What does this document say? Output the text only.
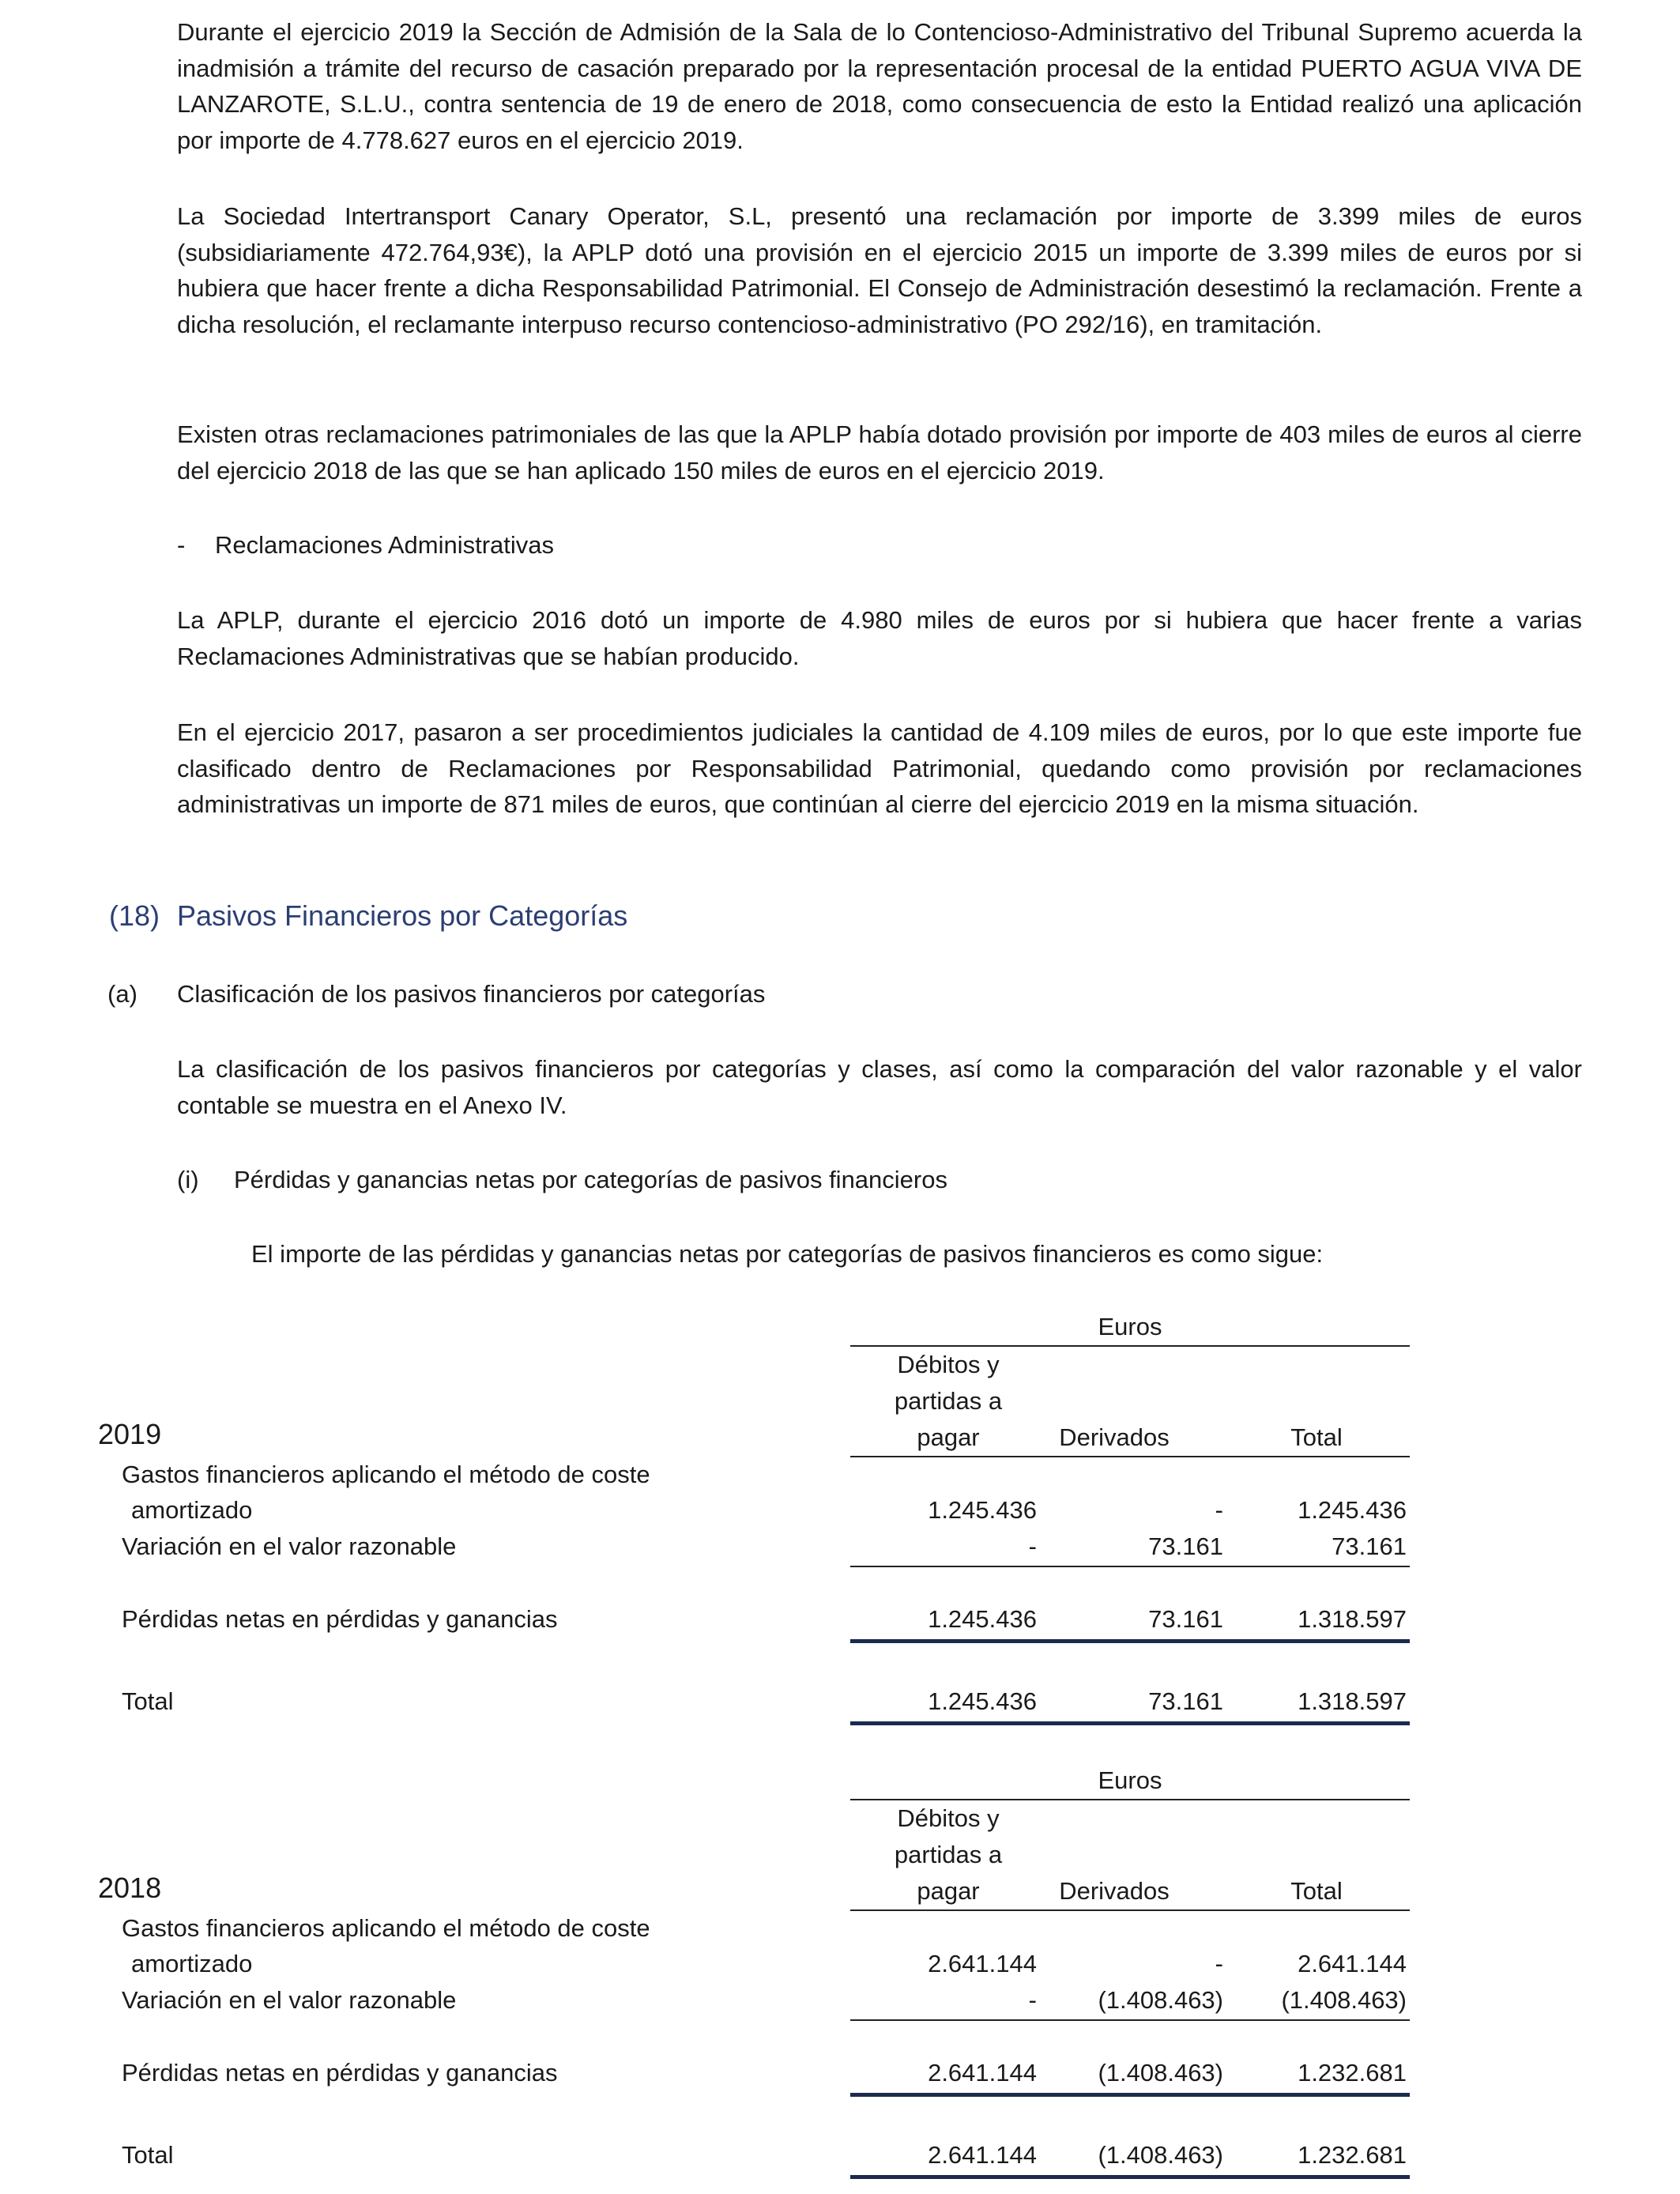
Durante el ejercicio 2019 la Sección de Admisión de la Sala de lo Contencioso-Administrativo del Tribunal Supremo acuerda la inadmisión a trámite del recurso de casación preparado por la representación procesal de la entidad PUERTO AGUA VIVA DE LANZAROTE, S.L.U., contra sentencia de 19 de enero de 2018, como consecuencia de esto la Entidad realizó una aplicación por importe de 4.778.627 euros en el ejercicio 2019.

La Sociedad Intertransport Canary Operator, S.L, presentó una reclamación por importe de 3.399 miles de euros (subsidiariamente 472.764,93€), la APLP dotó una provisión en el ejercicio 2015 un importe de 3.399 miles de euros por si hubiera que hacer frente a dicha Responsabilidad Patrimonial. El Consejo de Administración desestimó la reclamación. Frente a dicha resolución, el reclamante interpuso recurso contencioso-administrativo (PO 292/16), en tramitación.

Existen otras reclamaciones patrimoniales de las que la APLP había dotado provisión por importe de 403 miles de euros al cierre del ejercicio 2018 de las que se han aplicado 150 miles de euros en el ejercicio 2019.

- Reclamaciones Administrativas

La APLP, durante el ejercicio 2016 dotó un importe de 4.980 miles de euros por si hubiera que hacer frente a varias Reclamaciones Administrativas que se habían producido.

En el ejercicio 2017, pasaron a ser procedimientos judiciales la cantidad de 4.109 miles de euros, por lo que este importe fue clasificado dentro de Reclamaciones por Responsabilidad Patrimonial, quedando como provisión por reclamaciones administrativas un importe de 871 miles de euros, que continúan al cierre del ejercicio 2019 en la misma situación.

(18) Pasivos Financieros por Categorías
(a) Clasificación de los pasivos financieros por categorías

La clasificación de los pasivos financieros por categorías y clases, así como la comparación del valor razonable y el valor contable se muestra en el Anexo IV.

(i) Pérdidas y ganancias netas por categorías de pasivos financieros
El importe de las pérdidas y ganancias netas por categorías de pasivos financieros es como sigue:
Euros
Débitos y
partidas a
pagar	Derivados	Total
2019
Gastos financieros aplicando el método de coste
amortizado	1.245.436	-	1.245.436
Variación en el valor razonable	-	73.161	73.161
Pérdidas netas en pérdidas y ganancias	1.245.436	73.161	1.318.597
Total	1.245.436	73.161	1.318.597
Euros
Débitos y
partidas a
pagar	Derivados	Total
2018
Gastos financieros aplicando el método de coste
amortizado	2.641.144	-	2.641.144
Variación en el valor razonable	-	(1.408.463)	(1.408.463)
Pérdidas netas en pérdidas y ganancias	2.641.144	(1.408.463)	1.232.681
Total	2.641.144	(1.408.463)	1.232.681
